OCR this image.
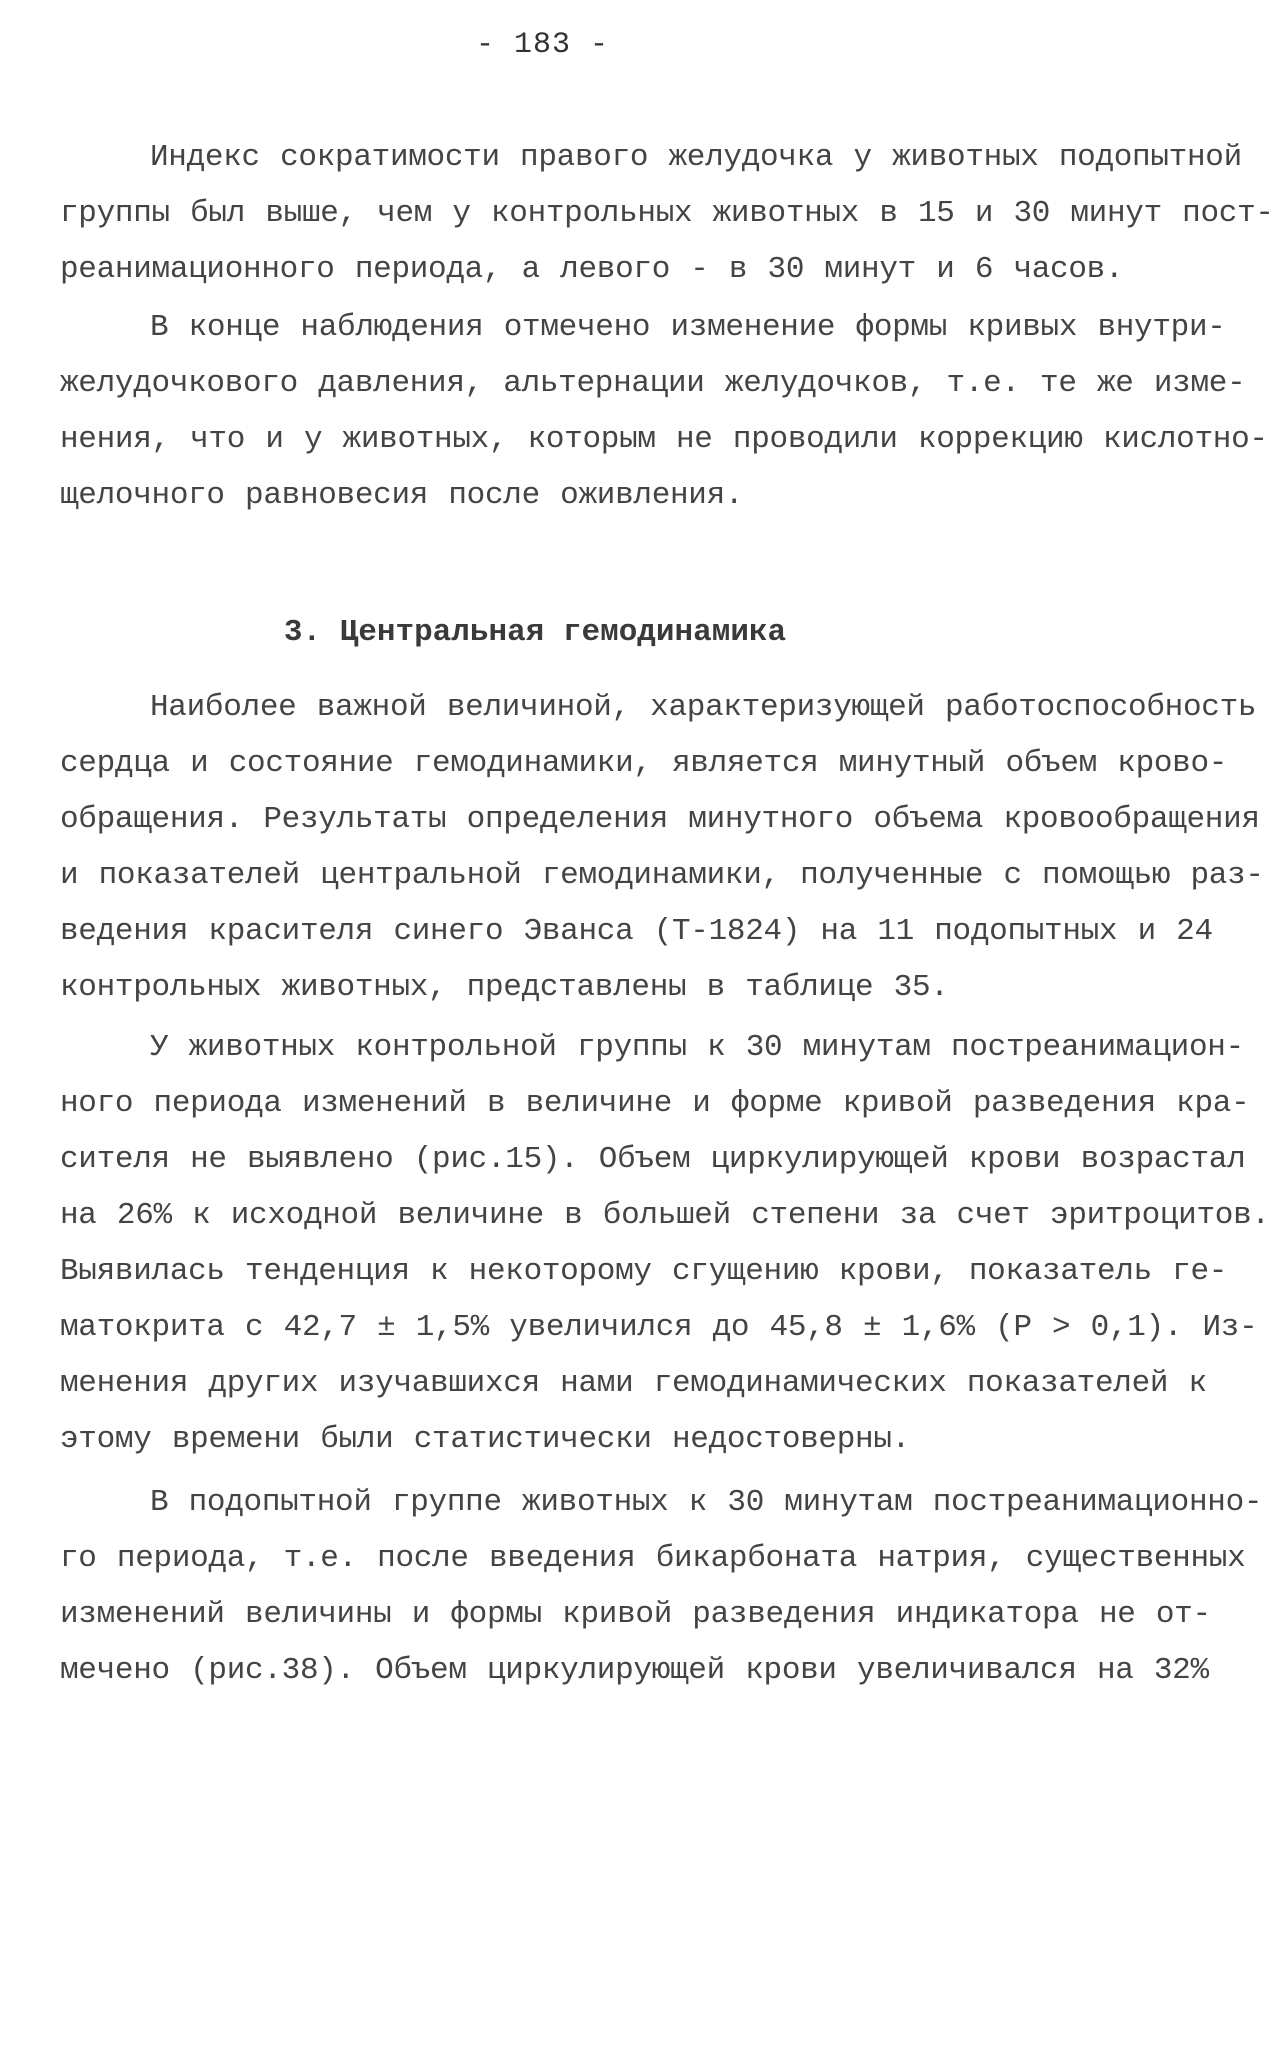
- 183 -

Индекс сократимости правого желудочка у животных подопытной
группы был выше, чем у контрольных животных в 15 и 30 минут пост-
реанимационного периода, а левого - в 30 минут и 6 часов.

В конце наблюдения отмечено изменение формы кривых внутри-
желудочкового давления, альтернации желудочков, т.е. те же изме-
нения, что и у животных, которым не проводили коррекцию кислотно-
щелочного равновесия после оживления.

3. Центральная гемодинамика

Наиболее важной величиной, характеризующей работоспособность
сердца и состояние гемодинамики, является минутный объем крово-
обращения. Результаты определения минутного объема кровообращения
и показателей центральной гемодинамики, полученные с помощью раз-
ведения красителя синего Эванса (Т-1824) на 11 подопытных и 24
контрольных животных, представлены в таблице 35.

У животных контрольной группы к 30 минутам постреанимацион-
ного периода изменений в величине и форме кривой разведения кра-
сителя не выявлено (рис.15). Объем циркулирующей крови возрастал
на 26% к исходной величине в большей степени за счет эритроцитов.
Выявилась тенденция к некоторому сгущению крови, показатель ге-
матокрита с 42,7 ± 1,5% увеличился до 45,8 ± 1,6% (Р > 0,1). Из-
менения других изучавшихся нами гемодинамических показателей к
этому времени были статистически недостоверны.

В подопытной группе животных к 30 минутам постреанимационно-
го периода, т.е. после введения бикарбоната натрия, существенных
изменений величины и формы кривой разведения индикатора не от-
мечено (рис.38). Объем циркулирующей крови увеличивался на 32%
